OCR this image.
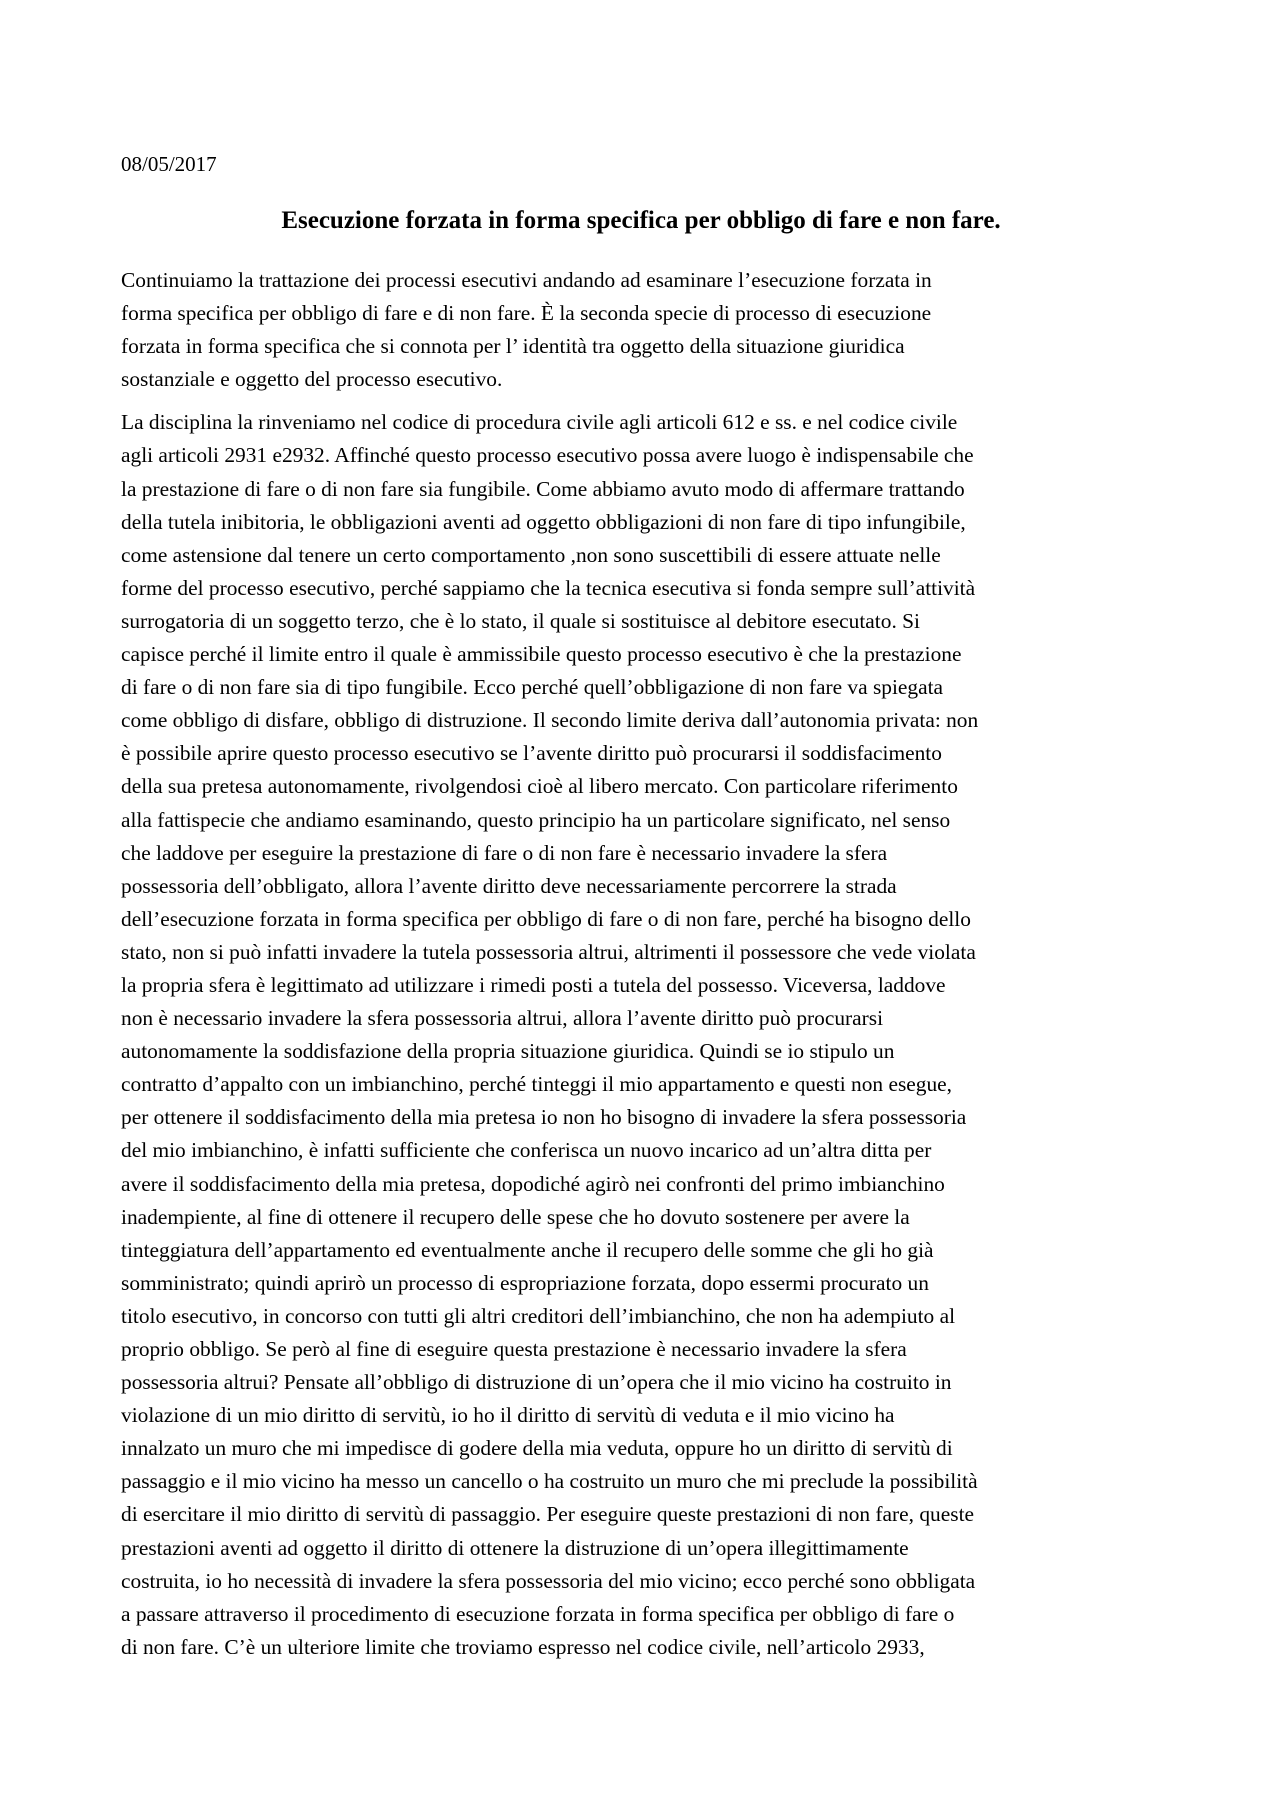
08/05/2017

Esecuzione forzata in forma specifica per obbligo di fare e non fare.

Continuiamo la trattazione dei processi esecutivi andando ad esaminare l’esecuzione forzata in
forma specifica per obbligo di fare e di non fare. È la seconda specie di processo di esecuzione
forzata in forma specifica che si connota per l’ identità tra oggetto della situazione giuridica
sostanziale e oggetto del processo esecutivo.

La disciplina la rinveniamo nel codice di procedura civile agli articoli 612 e ss. e nel codice civile
agli articoli 2931 e2932. Affinché questo processo esecutivo possa avere luogo è indispensabile che
la prestazione di fare o di non fare sia fungibile. Come abbiamo avuto modo di affermare trattando
della tutela inibitoria, le obbligazioni aventi ad oggetto obbligazioni di non fare di tipo infungibile,
come astensione dal tenere un certo comportamento ,non sono suscettibili di essere attuate nelle
forme del processo esecutivo, perché sappiamo che la tecnica esecutiva si fonda sempre sull’attività
surrogatoria di un soggetto terzo, che è lo stato, il quale si sostituisce al debitore esecutato. Si
capisce perché il limite entro il quale è ammissibile questo processo esecutivo è che la prestazione
di fare o di non fare sia di tipo fungibile. Ecco perché quell’obbligazione di non fare va spiegata
come obbligo di disfare, obbligo di distruzione. Il secondo limite deriva dall’autonomia privata: non
è possibile aprire questo processo esecutivo se l’avente diritto può procurarsi il soddisfacimento
della sua pretesa autonomamente, rivolgendosi cioè al libero mercato. Con particolare riferimento
alla fattispecie che andiamo esaminando, questo principio ha un particolare significato, nel senso
che laddove per eseguire la prestazione di fare o di non fare è necessario invadere la sfera
possessoria dell’obbligato, allora l’avente diritto deve necessariamente percorrere la strada
dell’esecuzione forzata in forma specifica per obbligo di fare o di non fare, perché ha bisogno dello
stato, non si può infatti invadere la tutela possessoria altrui, altrimenti il possessore che vede violata
la propria sfera è legittimato ad utilizzare i rimedi posti a tutela del possesso. Viceversa, laddove
non è necessario invadere la sfera possessoria altrui, allora l’avente diritto può procurarsi
autonomamente la soddisfazione della propria situazione giuridica. Quindi se io stipulo un
contratto d’appalto con un imbianchino, perché tinteggi il mio appartamento e questi non esegue,
per ottenere il soddisfacimento della mia pretesa io non ho bisogno di invadere la sfera possessoria
del mio imbianchino, è infatti sufficiente che conferisca un nuovo incarico ad un’altra ditta per
avere il soddisfacimento della mia pretesa, dopodiché agirò nei confronti del primo imbianchino
inadempiente, al fine di ottenere il recupero delle spese che ho dovuto sostenere per avere la
tinteggiatura dell’appartamento ed eventualmente anche il recupero delle somme che gli ho già
somministrato; quindi aprirò un processo di espropriazione forzata, dopo essermi procurato un
titolo esecutivo, in concorso con tutti gli altri creditori dell’imbianchino, che non ha adempiuto al
proprio obbligo. Se però al fine di eseguire questa prestazione è necessario invadere la sfera
possessoria altrui? Pensate all’obbligo di distruzione di un’opera che il mio vicino ha costruito in
violazione di un mio diritto di servitù, io ho il diritto di servitù di veduta e il mio vicino ha
innalzato un muro che mi impedisce di godere della mia veduta, oppure ho un diritto di servitù di
passaggio e il mio vicino ha messo un cancello o ha costruito un muro che mi preclude la possibilità
di esercitare il mio diritto di servitù di passaggio. Per eseguire queste prestazioni di non fare, queste
prestazioni aventi ad oggetto il diritto di ottenere la distruzione di un’opera illegittimamente
costruita, io ho necessità di invadere la sfera possessoria del mio vicino; ecco perché sono obbligata
a passare attraverso il procedimento di esecuzione forzata in forma specifica per obbligo di fare o
di non fare. C’è un ulteriore limite che troviamo espresso nel codice civile, nell’articolo 2933,
